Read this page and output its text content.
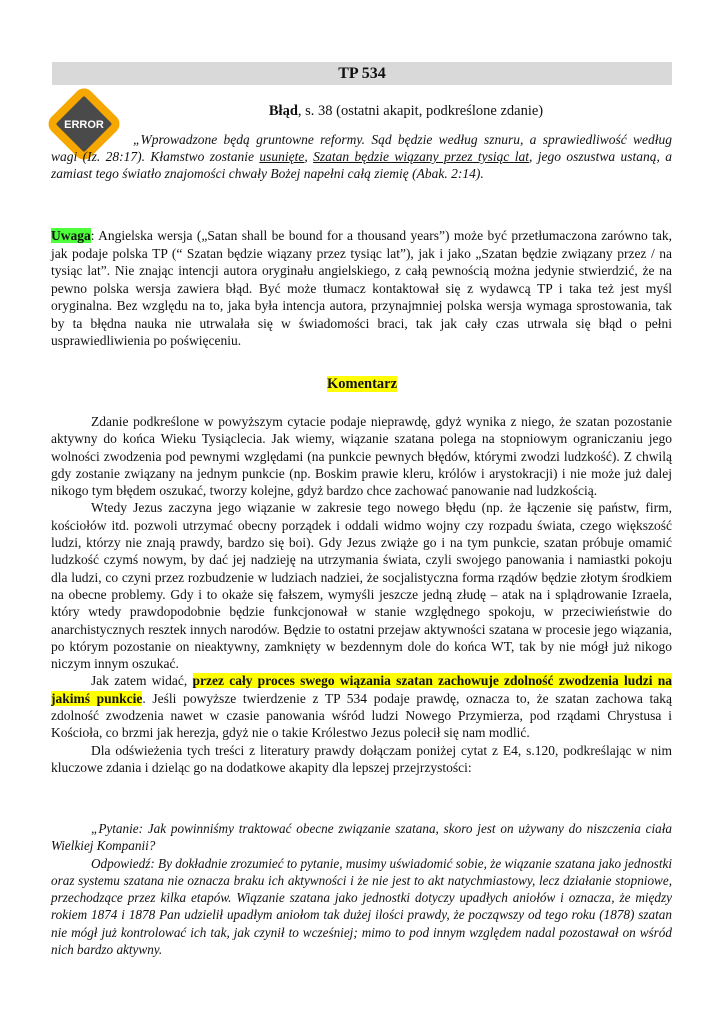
TP 534
ERROR
Błąd, s. 38 (ostatni akapit, podkreślone zdanie)

„Wprowadzone będą gruntowne reformy. Sąd będzie według sznuru, a sprawiedliwość według wagi (Iz. 28:17). Kłamstwo zostanie usunięte, Szatan będzie wiązany przez tysiąc lat, jego oszustwa ustaną, a zamiast tego światło znajomości chwały Bożej napełni całą ziemię (Abak. 2:14).

Uwaga: Angielska wersja („Satan shall be bound for a thousand years”) może być przetłumaczona zarówno tak, jak podaje polska TP (“ Szatan będzie wiązany przez tysiąc lat”), jak i jako „Szatan będzie związany przez / na tysiąc lat”. Nie znając intencji autora oryginału angielskiego, z całą pewnością można jedynie stwierdzić, że na pewno polska wersja zawiera błąd. Być może tłumacz kontaktował się z wydawcą TP i taka też jest myśl oryginalna. Bez względu na to, jaka była intencja autora, przynajmniej polska wersja wymaga sprostowania, tak by ta błędna nauka nie utrwalała się w świadomości braci, tak jak cały czas utrwala się błąd o pełni usprawiedliwienia po poświęceniu.

Komentarz

Zdanie podkreślone w powyższym cytacie podaje nieprawdę, gdyż wynika z niego, że szatan pozostanie aktywny do końca Wieku Tysiąclecia. Jak wiemy, wiązanie szatana polega na stopniowym ograniczaniu jego wolności zwodzenia pod pewnymi względami (na punkcie pewnych błędów, którymi zwodzi ludzkość). Z chwilą gdy zostanie związany na jednym punkcie (np. Boskim prawie kleru, królów i arystokracji) i nie może już dalej nikogo tym błędem oszukać, tworzy kolejne, gdyż bardzo chce zachować panowanie nad ludzkością.

Wtedy Jezus zaczyna jego wiązanie w zakresie tego nowego błędu (np. że łączenie się państw, firm, kościołów itd. pozwoli utrzymać obecny porządek i oddali widmo wojny czy rozpadu świata, czego większość ludzi, którzy nie znają prawdy, bardzo się boi). Gdy Jezus zwiąże go i na tym punkcie, szatan próbuje omamić ludzkość czymś nowym, by dać jej nadzieję na utrzymania świata, czyli swojego panowania i namiastki pokoju dla ludzi, co czyni przez rozbudzenie w ludziach nadziei, że socjalistyczna forma rządów będzie złotym środkiem na obecne problemy. Gdy i to okaże się fałszem, wymyśli jeszcze jedną złudę – atak na i splądrowanie Izraela, który wtedy prawdopodobnie będzie funkcjonował w stanie względnego spokoju, w przeciwieństwie do anarchistycznych resztek innych narodów. Będzie to ostatni przejaw aktywności szatana w procesie jego wiązania, po którym pozostanie on nieaktywny, zamknięty w bezdennym dole do końca WT, tak by nie mógł już nikogo niczym innym oszukać.

Jak zatem widać, przez cały proces swego wiązania szatan zachowuje zdolność zwodzenia ludzi na jakimś punkcie. Jeśli powyższe twierdzenie z TP 534 podaje prawdę, oznacza to, że szatan zachowa taką zdolność zwodzenia nawet w czasie panowania wśród ludzi Nowego Przymierza, pod rządami Chrystusa i Kościoła, co brzmi jak herezja, gdyż nie o takie Królestwo Jezus polecił się nam modlić.

Dla odświeżenia tych treści z literatury prawdy dołączam poniżej cytat z E4, s.120, podkreślając w nim kluczowe zdania i dzieląc go na dodatkowe akapity dla lepszej przejrzystości:

„Pytanie: Jak powinniśmy traktować obecne związanie szatana, skoro jest on używany do niszczenia ciała Wielkiej Kompanii?

Odpowiedź: By dokładnie zrozumieć to pytanie, musimy uświadomić sobie, że wiązanie szatana jako jednostki oraz systemu szatana nie oznacza braku ich aktywności i że nie jest to akt natychmiastowy, lecz działanie stopniowe, przechodzące przez kilka etapów. Wiązanie szatana jako jednostki dotyczy upadłych aniołów i oznacza, że między rokiem 1874 i 1878 Pan udzielił upadłym aniołom tak dużej ilości prawdy, że począwszy od tego roku (1878) szatan nie mógł już kontrolować ich tak, jak czynił to wcześniej; mimo to pod innym względem nadal pozostawał on wśród nich bardzo aktywny.
